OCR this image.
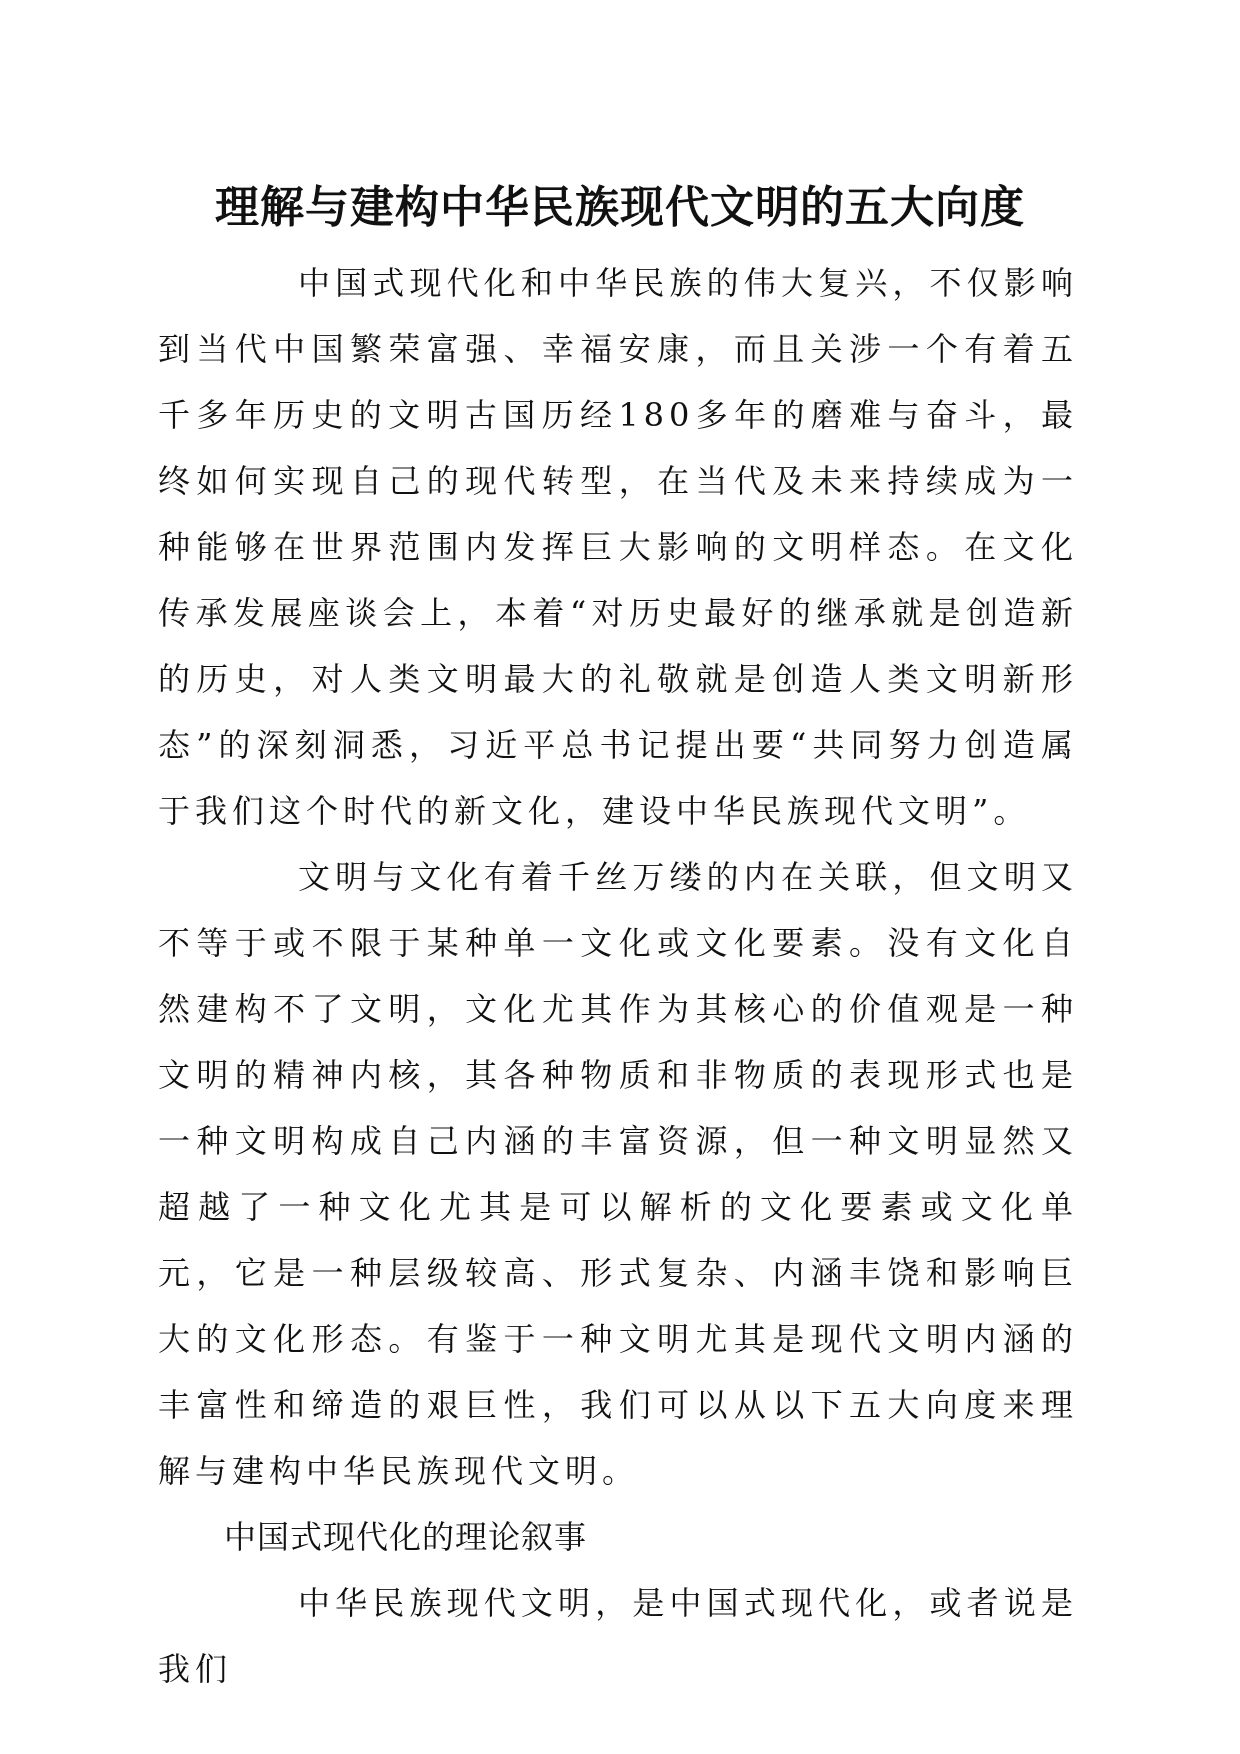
理解与建构中华民族现代文明的五大向度

中国式现代化和中华民族的伟大复兴，不仅影响到当代中国繁荣富强、幸福安康，而且关涉一个有着五千多年历史的文明古国历经180多年的磨难与奋斗，最终如何实现自己的现代转型，在当代及未来持续成为一种能够在世界范围内发挥巨大影响的文明样态。在文化传承发展座谈会上，本着“对历史最好的继承就是创造新的历史，对人类文明最大的礼敬就是创造人类文明新形态”的深刻洞悉，习近平总书记提出要“共同努力创造属于我们这个时代的新文化，建设中华民族现代文明”。

文明与文化有着千丝万缕的内在关联，但文明又不等于或不限于某种单一文化或文化要素。没有文化自然建构不了文明，文化尤其作为其核心的价值观是一种文明的精神内核，其各种物质和非物质的表现形式也是一种文明构成自己内涵的丰富资源，但一种文明显然又超越了一种文化尤其是可以解析的文化要素或文化单元，它是一种层级较高、形式复杂、内涵丰饶和影响巨大的文化形态。有鉴于一种文明尤其是现代文明内涵的丰富性和缔造的艰巨性，我们可以从以下五大向度来理解与建构中华民族现代文明。

中国式现代化的理论叙事

中华民族现代文明，是中国式现代化，或者说是我们
